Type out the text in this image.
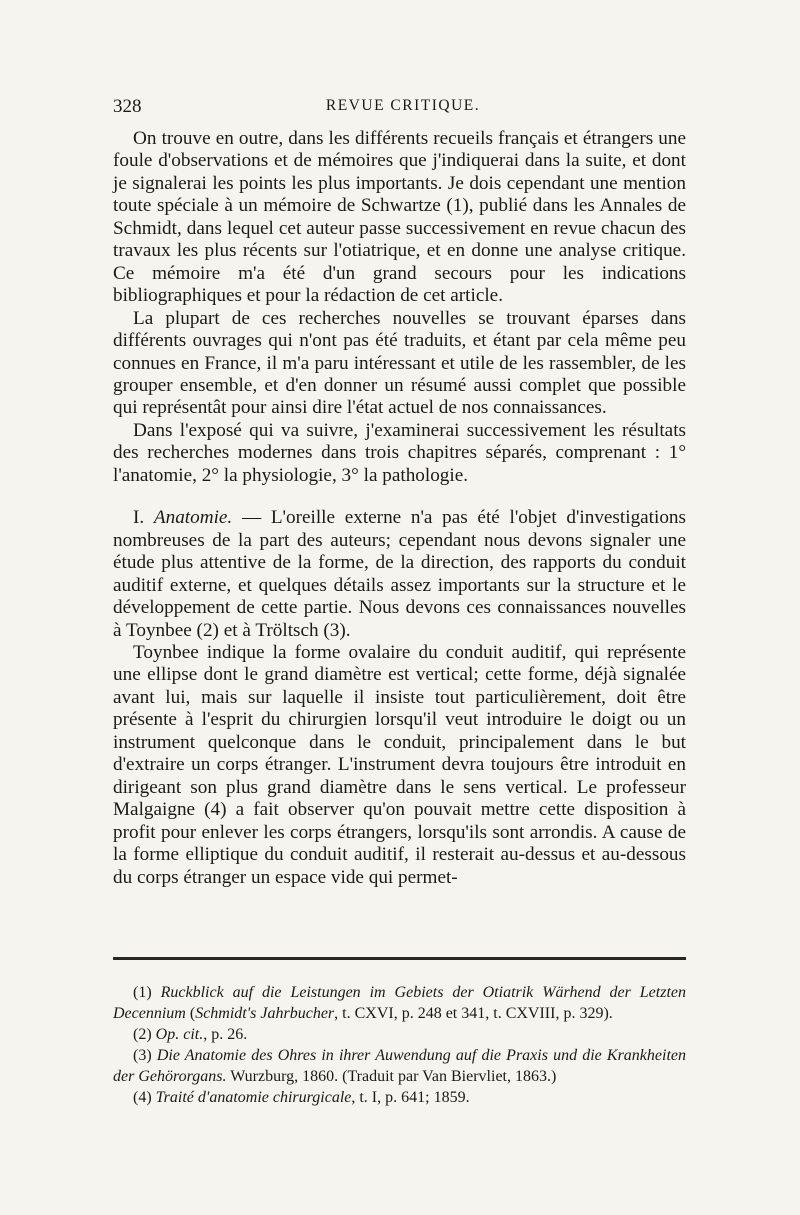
328	REVUE CRITIQUE.

On trouve en outre, dans les différents recueils français et étrangers une foule d'observations et de mémoires que j'indiquerai dans la suite, et dont je signalerai les points les plus importants. Je dois cependant une mention toute spéciale à un mémoire de Schwartze (1), publié dans les Annales de Schmidt, dans lequel cet auteur passe successivement en revue chacun des travaux les plus récents sur l'otiatrique, et en donne une analyse critique. Ce mémoire m'a été d'un grand secours pour les indications bibliographiques et pour la rédaction de cet article.

La plupart de ces recherches nouvelles se trouvant éparses dans différents ouvrages qui n'ont pas été traduits, et étant par cela même peu connues en France, il m'a paru intéressant et utile de les rassembler, de les grouper ensemble, et d'en donner un résumé aussi complet que possible qui représentât pour ainsi dire l'état actuel de nos connaissances.

Dans l'exposé qui va suivre, j'examinerai successivement les résultats des recherches modernes dans trois chapitres séparés, comprenant : 1° l'anatomie, 2° la physiologie, 3° la pathologie.

I. Anatomie. — L'oreille externe n'a pas été l'objet d'investigations nombreuses de la part des auteurs; cependant nous devons signaler une étude plus attentive de la forme, de la direction, des rapports du conduit auditif externe, et quelques détails assez importants sur la structure et le développement de cette partie. Nous devons ces connaissances nouvelles à Toynbee (2) et à Tröltsch (3).

Toynbee indique la forme ovalaire du conduit auditif, qui représente une ellipse dont le grand diamètre est vertical; cette forme, déjà signalée avant lui, mais sur laquelle il insiste tout particulièrement, doit être présente à l'esprit du chirurgien lorsqu'il veut introduire le doigt ou un instrument quelconque dans le conduit, principalement dans le but d'extraire un corps étranger. L'instrument devra toujours être introduit en dirigeant son plus grand diamètre dans le sens vertical. Le professeur Malgaigne (4) a fait observer qu'on pouvait mettre cette disposition à profit pour enlever les corps étrangers, lorsqu'ils sont arrondis. A cause de la forme elliptique du conduit auditif, il resterait au-dessus et au-dessous du corps étranger un espace vide qui permet-

(1) Ruckblick auf die Leistungen im Gebiets der Otiatrik Wärhend der Letzten Decennium (Schmidt's Jahrbucher, t. CXVI, p. 248 et 341, t. CXVIII, p. 329).

(2) Op. cit., p. 26.

(3) Die Anatomie des Ohres in ihrer Auwendung auf die Praxis und die Krankheiten der Gehörorgans. Wurzburg, 1860. (Traduit par Van Biervliet, 1863.)

(4) Traité d'anatomie chirurgicale, t. I, p. 641; 1859.
